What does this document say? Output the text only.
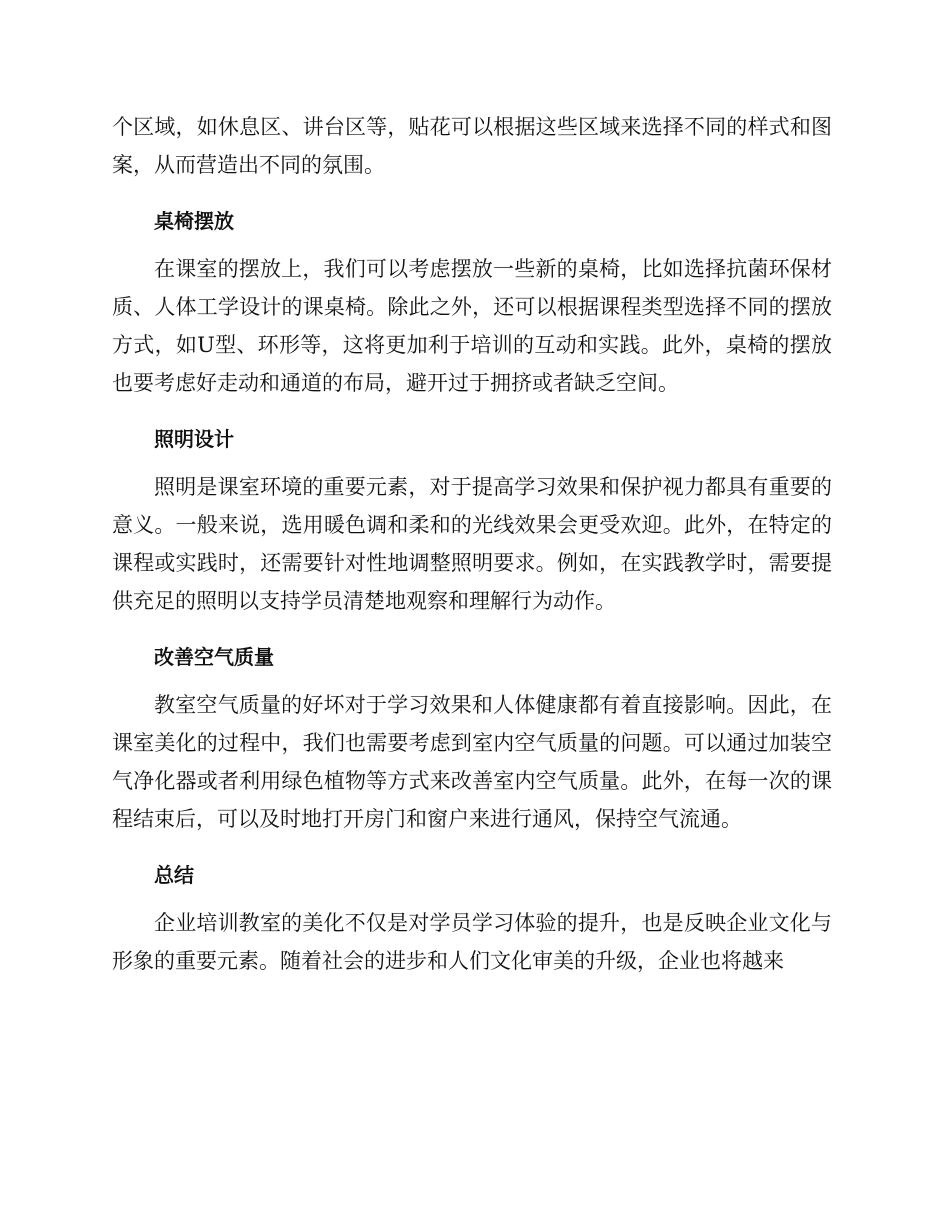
个区域，如休息区、讲台区等，贴花可以根据这些区域来选择不同的样式和图案，从而营造出不同的氛围。

桌椅摆放

在课室的摆放上，我们可以考虑摆放一些新的桌椅，比如选择抗菌环保材质、人体工学设计的课桌椅。除此之外，还可以根据课程类型选择不同的摆放方式，如U型、环形等，这将更加利于培训的互动和实践。此外，桌椅的摆放也要考虑好走动和通道的布局，避开过于拥挤或者缺乏空间。

照明设计

照明是课室环境的重要元素，对于提高学习效果和保护视力都具有重要的意义。一般来说，选用暖色调和柔和的光线效果会更受欢迎。此外，在特定的课程或实践时，还需要针对性地调整照明要求。例如，在实践教学时，需要提供充足的照明以支持学员清楚地观察和理解行为动作。

改善空气质量

教室空气质量的好坏对于学习效果和人体健康都有着直接影响。因此，在课室美化的过程中，我们也需要考虑到室内空气质量的问题。可以通过加装空气净化器或者利用绿色植物等方式来改善室内空气质量。此外，在每一次的课程结束后，可以及时地打开房门和窗户来进行通风，保持空气流通。

总结

企业培训教室的美化不仅是对学员学习体验的提升，也是反映企业文化与形象的重要元素。随着社会的进步和人们文化审美的升级，企业也将越来
